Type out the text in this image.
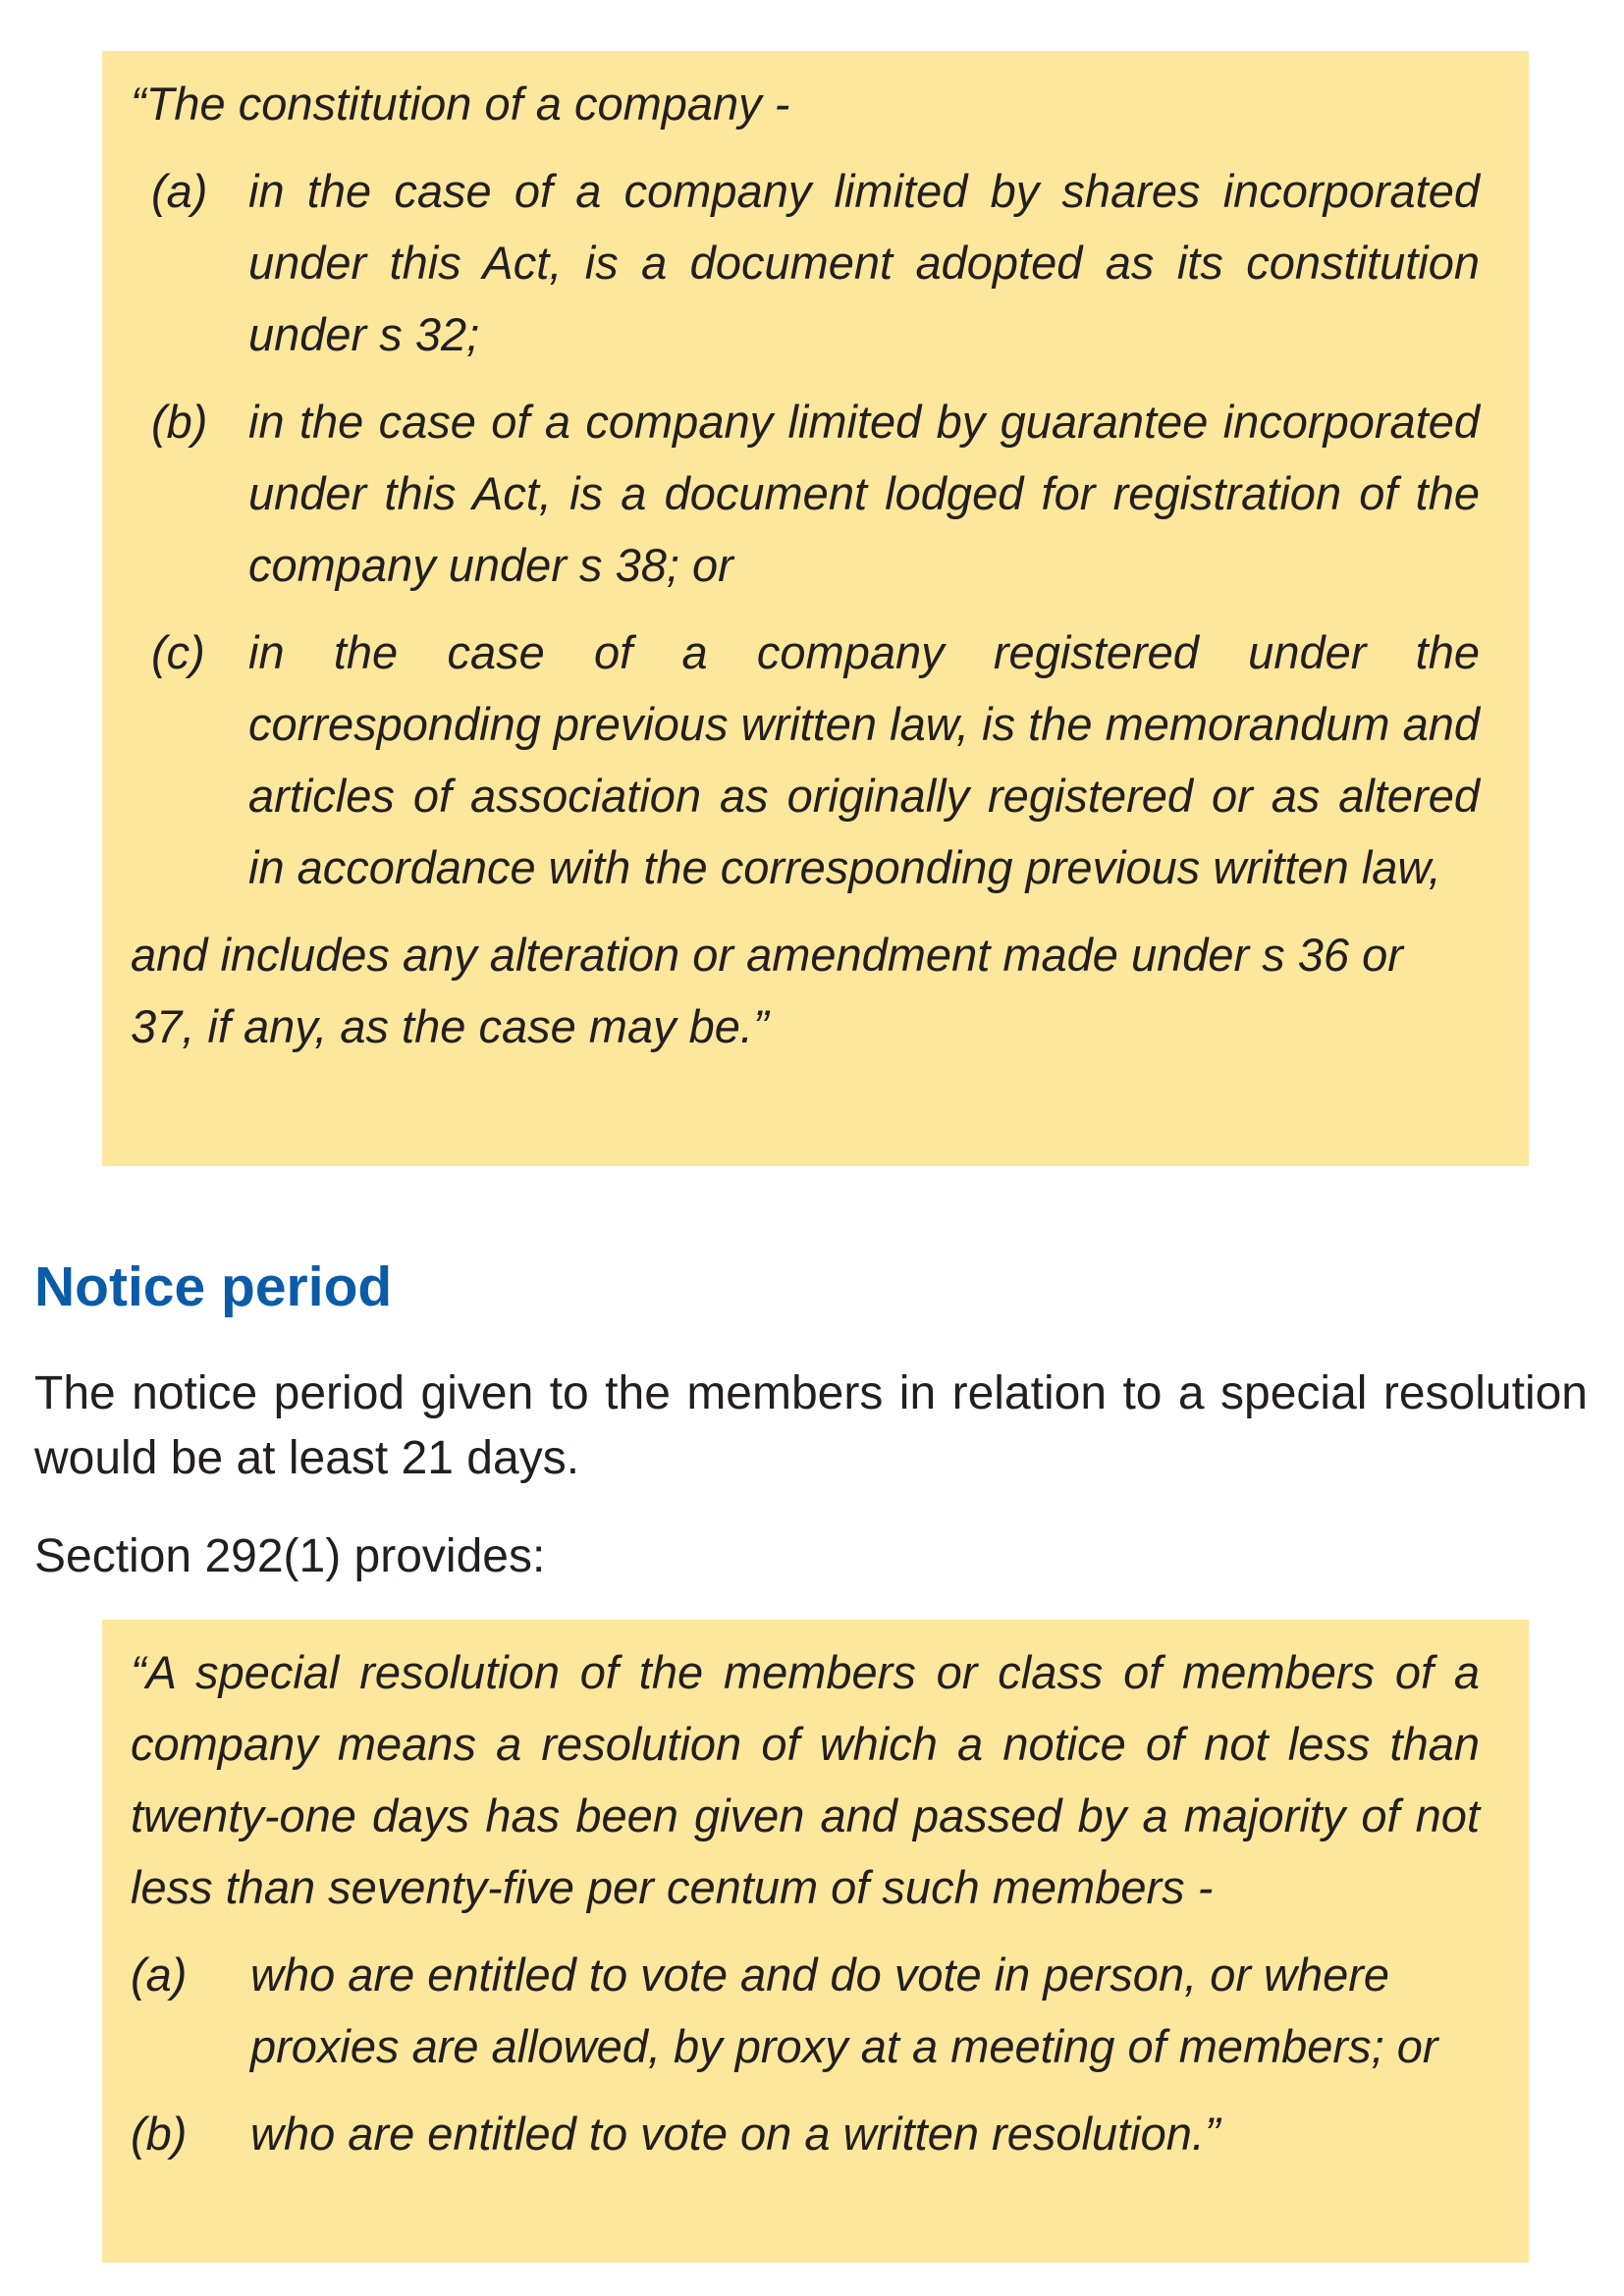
“The constitution of a company -

(a) in the case of a company limited by shares incorporated under this Act, is a document adopted as its constitution under s 32;
(b) in the case of a company limited by guarantee incorporated under this Act, is a document lodged for registration of the company under s 38; or
(c) in the case of a company registered under the corresponding previous written law, is the memorandum and articles of association as originally registered or as altered in accordance with the corresponding previous written law,

and includes any alteration or amendment made under s 36 or 37, if any, as the case may be.”

Notice period

The notice period given to the members in relation to a special resolution would be at least 21 days.

Section 292(1) provides:

“A special resolution of the members or class of members of a company means a resolution of which a notice of not less than twenty-one days has been given and passed by a majority of not less than seventy-five per centum of such members -

(a)	who are entitled to vote and do vote in person, or where proxies are allowed, by proxy at a meeting of members; or
(b)	who are entitled to vote on a written resolution.”
